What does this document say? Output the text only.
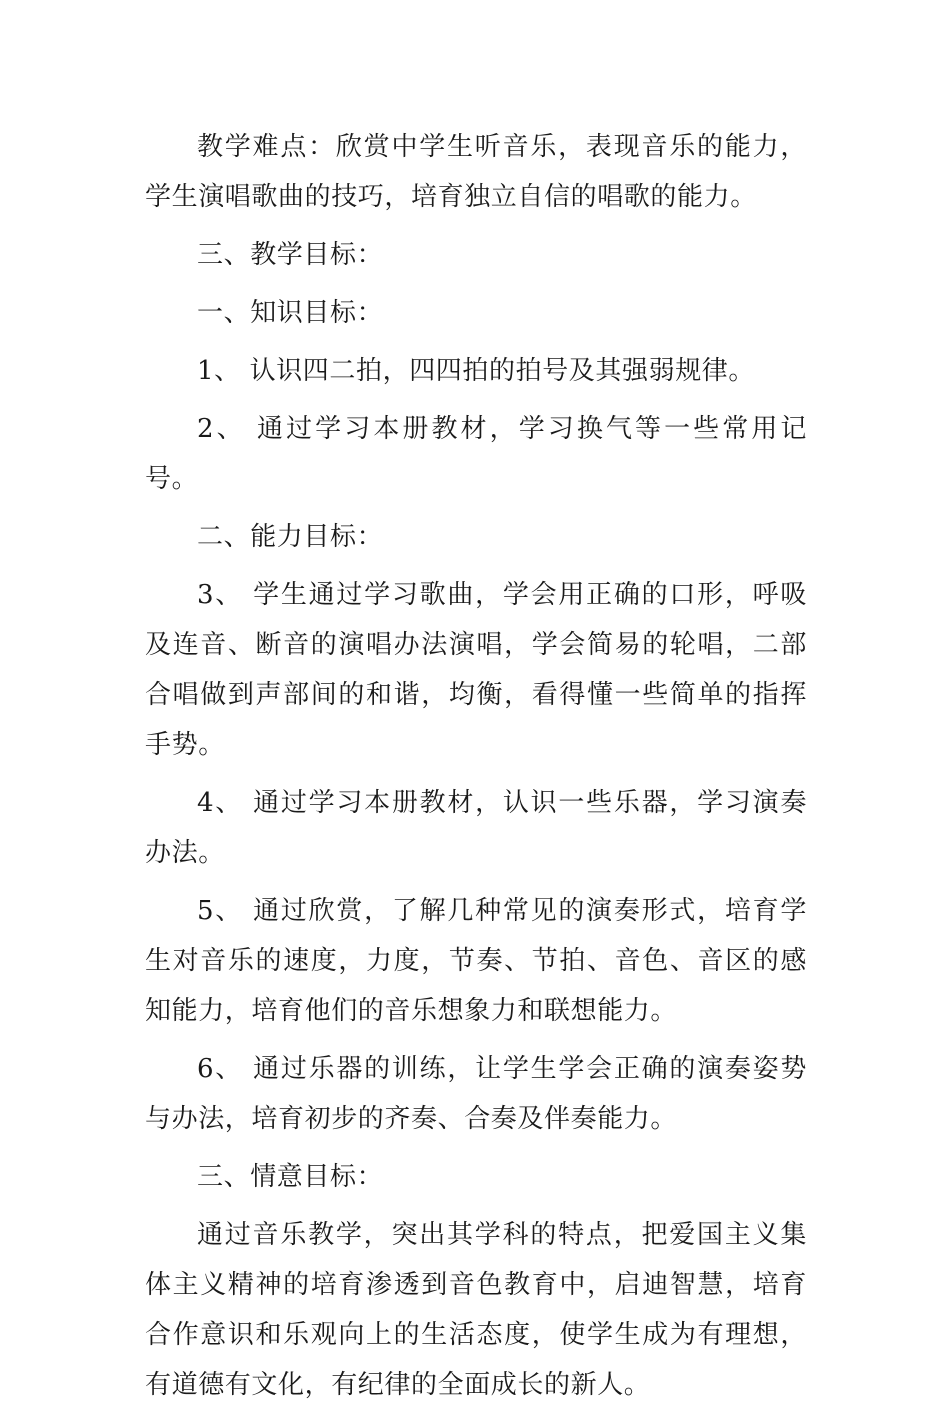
教学难点：欣赏中学生听音乐，表现音乐的能力，学生演唱歌曲的技巧，培育独立自信的唱歌的能力。

三、教学目标：

一、知识目标：

1、 认识四二拍，四四拍的拍号及其强弱规律。

2、 通过学习本册教材，学习换气等一些常用记号。

二、能力目标：

3、 学生通过学习歌曲，学会用正确的口形，呼吸及连音、断音的演唱办法演唱，学会简易的轮唱，二部合唱做到声部间的和谐，均衡，看得懂一些简单的指挥手势。

4、 通过学习本册教材，认识一些乐器，学习演奏办法。

5、 通过欣赏，了解几种常见的演奏形式，培育学生对音乐的速度，力度，节奏、节拍、音色、音区的感知能力，培育他们的音乐想象力和联想能力。

6、 通过乐器的训练，让学生学会正确的演奏姿势与办法，培育初步的齐奏、合奏及伴奏能力。

三、情意目标：

通过音乐教学，突出其学科的特点，把爱国主义集体主义精神的培育渗透到音色教育中，启迪智慧，培育合作意识和乐观向上的生活态度，使学生成为有理想，有道德有文化，有纪律的全面成长的新人。
